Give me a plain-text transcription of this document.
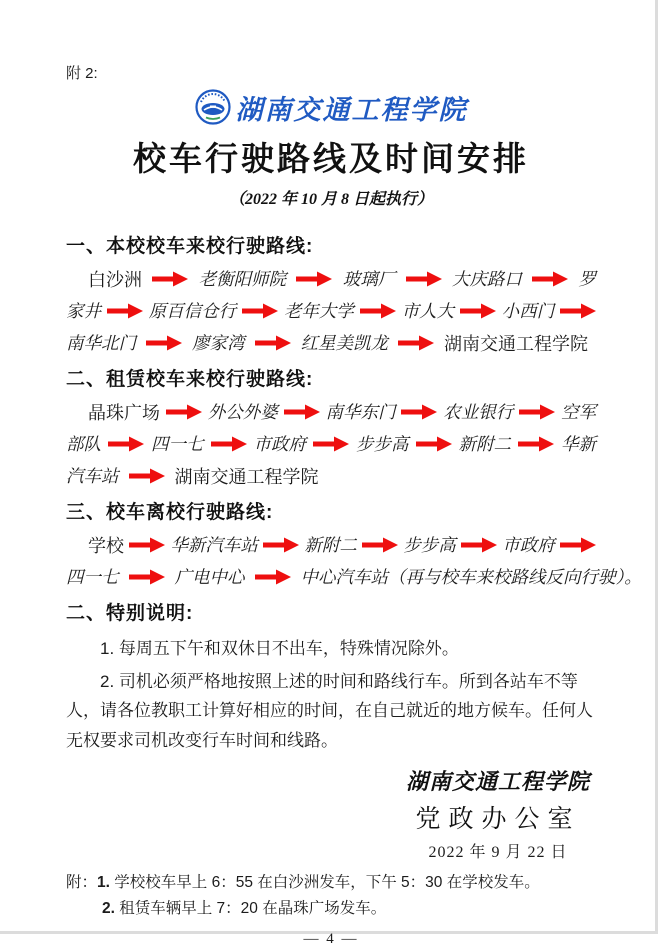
附 2:
湖南交通工程学院
校车行驶路线及时间安排
（2022 年 10 月 8 日起执行）
一、本校校车来校行驶路线:
白沙洲	老衡阳师院	玻璃厂	大庆路口	罗
家井	原百信仓行	老年大学	市人大	小西门
南华北门	廖家湾	红星美凯龙	湖南交通工程学院
二、租赁校车来校行驶路线:
晶珠广场	外公外婆	南华东门	农业银行	空军
部队	四一七	市政府	步步高	新附二	华新
汽车站	湖南交通工程学院
三、校车离校行驶路线:
学校	华新汽车站	新附二	步步高	市政府
四一七	广电中心	中心汽车站（再与校车来校路线反向行驶）。
二、特别说明:

1. 每周五下午和双休日不出车，特殊情况除外。

2. 司机必须严格地按照上述的时间和路线行车。所到各站车不等人，请各位教职工计算好相应的时间，在自己就近的地方候车。任何人无权要求司机改变行车时间和线路。

湖南交通工程学院
党政办公室
2022 年 9 月 22 日
附：1. 学校校车早上 6：55 在白沙洲发车，下午 5：30 在学校发车。
2. 租赁车辆早上 7：20 在晶珠广场发车。
— 4 —
